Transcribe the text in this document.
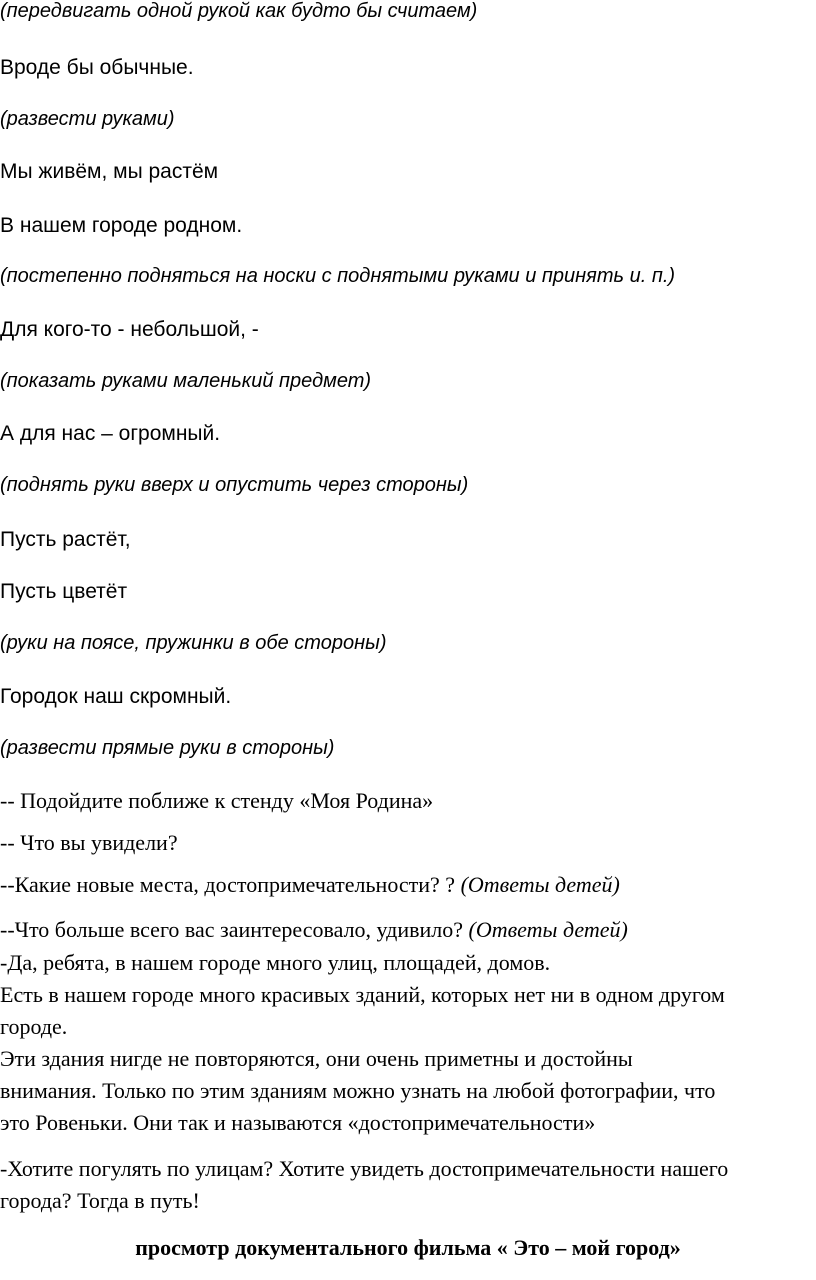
(передвигать одной рукой как будто бы считаем)

Вроде бы обычные.

(развести руками)

Мы живём, мы растём

В нашем городе родном.

(постепенно подняться на носки с поднятыми руками и принять и. п.)

Для кого-то - небольшой, -

(показать руками маленький предмет)

А для нас – огромный.

(поднять руки вверх и опустить через стороны)

Пусть растёт,

Пусть цветёт

(руки на поясе, пружинки в обе стороны)

Городок наш скромный.

(развести прямые руки в стороны)

-- Подойдите поближе к стенду «Моя Родина»

-- Что вы увидели?

--Какие новые места, достопримечательности? ? (Ответы детей)

--Что больше всего вас заинтересовало, удивило? (Ответы детей)

-Да, ребята, в нашем городе много улиц, площадей, домов.

Есть в нашем городе много красивых зданий, которых нет ни в одном другом

городе.

Эти здания нигде не повторяются, они очень приметны и достойны

внимания. Только по этим зданиям можно узнать на любой фотографии, что

это Ровеньки. Они так и называются «достопримечательности»

-Хотите погулять по улицам? Хотите увидеть достопримечательности нашего

города? Тогда в путь!

просмотр документального фильма « Это – мой город»
